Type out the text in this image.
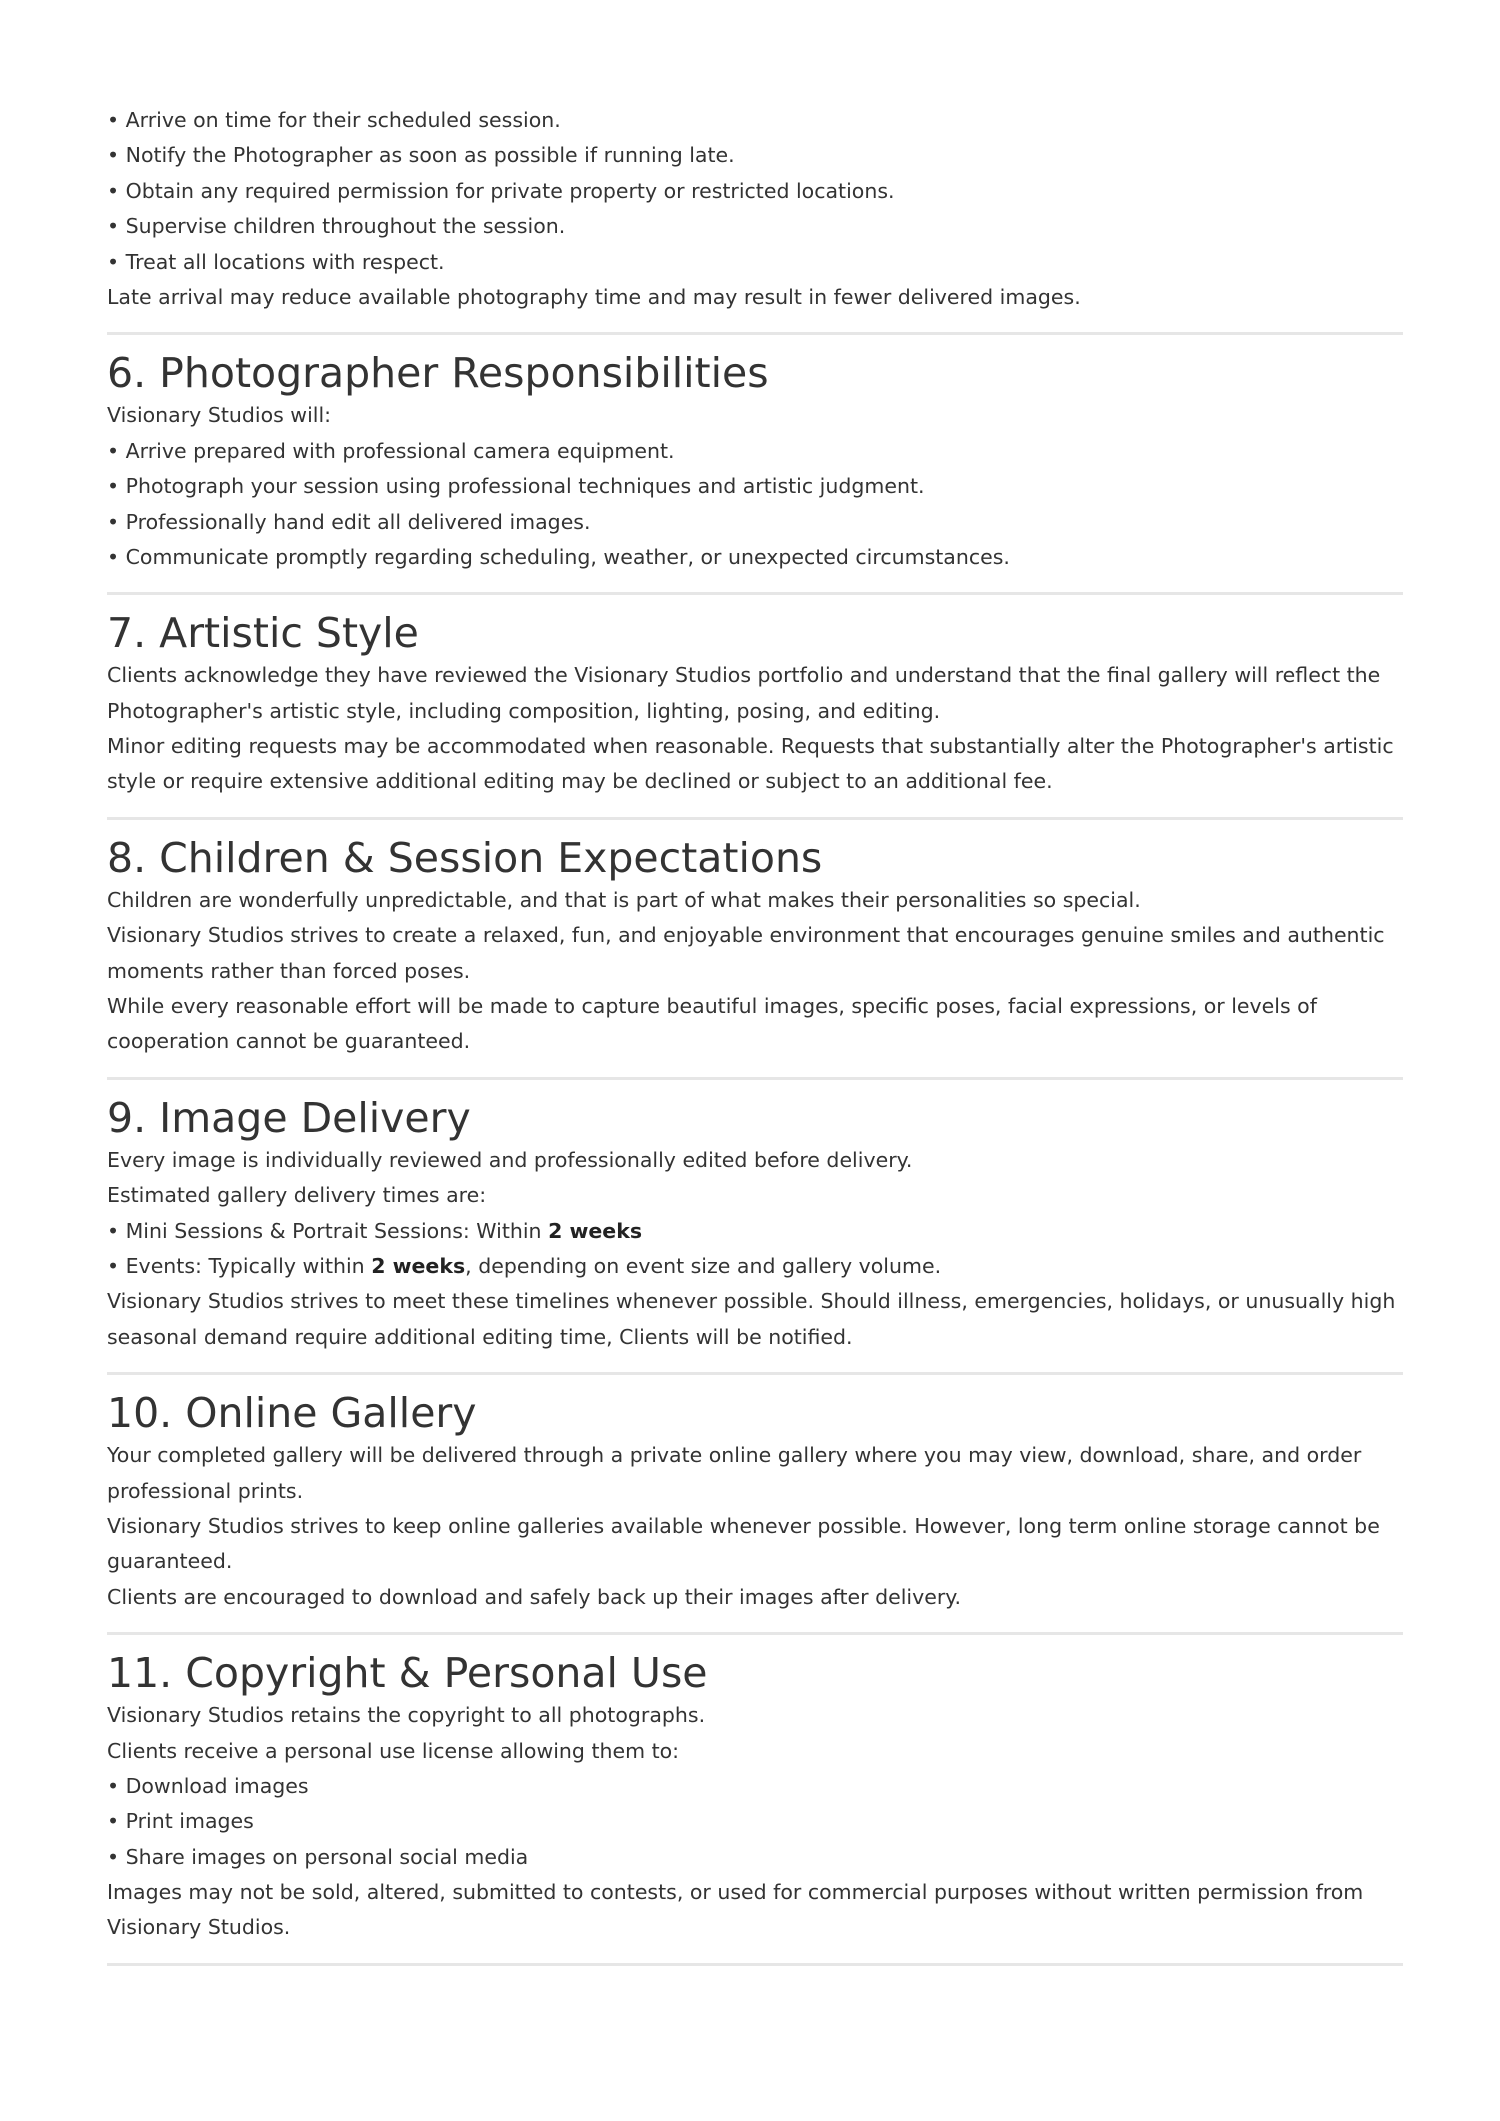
• Arrive on time for their scheduled session.
• Notify the Photographer as soon as possible if running late.
• Obtain any required permission for private property or restricted locations.
• Supervise children throughout the session.
• Treat all locations with respect.
Late arrival may reduce available photography time and may result in fewer delivered images.
6. Photographer Responsibilities
Visionary Studios will:
• Arrive prepared with professional camera equipment.
• Photograph your session using professional techniques and artistic judgment.
• Professionally hand edit all delivered images.
• Communicate promptly regarding scheduling, weather, or unexpected circumstances.
7. Artistic Style
Clients acknowledge they have reviewed the Visionary Studios portfolio and understand that the final gallery will reflect the
Photographer's artistic style, including composition, lighting, posing, and editing.
Minor editing requests may be accommodated when reasonable. Requests that substantially alter the Photographer's artistic
style or require extensive additional editing may be declined or subject to an additional fee.
8. Children & Session Expectations
Children are wonderfully unpredictable, and that is part of what makes their personalities so special.
Visionary Studios strives to create a relaxed, fun, and enjoyable environment that encourages genuine smiles and authentic
moments rather than forced poses.
While every reasonable effort will be made to capture beautiful images, specific poses, facial expressions, or levels of
cooperation cannot be guaranteed.
9. Image Delivery
Every image is individually reviewed and professionally edited before delivery.
Estimated gallery delivery times are:
• Mini Sessions & Portrait Sessions: Within 2 weeks
• Events: Typically within 2 weeks, depending on event size and gallery volume.
Visionary Studios strives to meet these timelines whenever possible. Should illness, emergencies, holidays, or unusually high
seasonal demand require additional editing time, Clients will be notified.
10. Online Gallery
Your completed gallery will be delivered through a private online gallery where you may view, download, share, and order
professional prints.
Visionary Studios strives to keep online galleries available whenever possible. However, long term online storage cannot be
guaranteed.
Clients are encouraged to download and safely back up their images after delivery.
11. Copyright & Personal Use
Visionary Studios retains the copyright to all photographs.
Clients receive a personal use license allowing them to:
• Download images
• Print images
• Share images on personal social media
Images may not be sold, altered, submitted to contests, or used for commercial purposes without written permission from
Visionary Studios.
